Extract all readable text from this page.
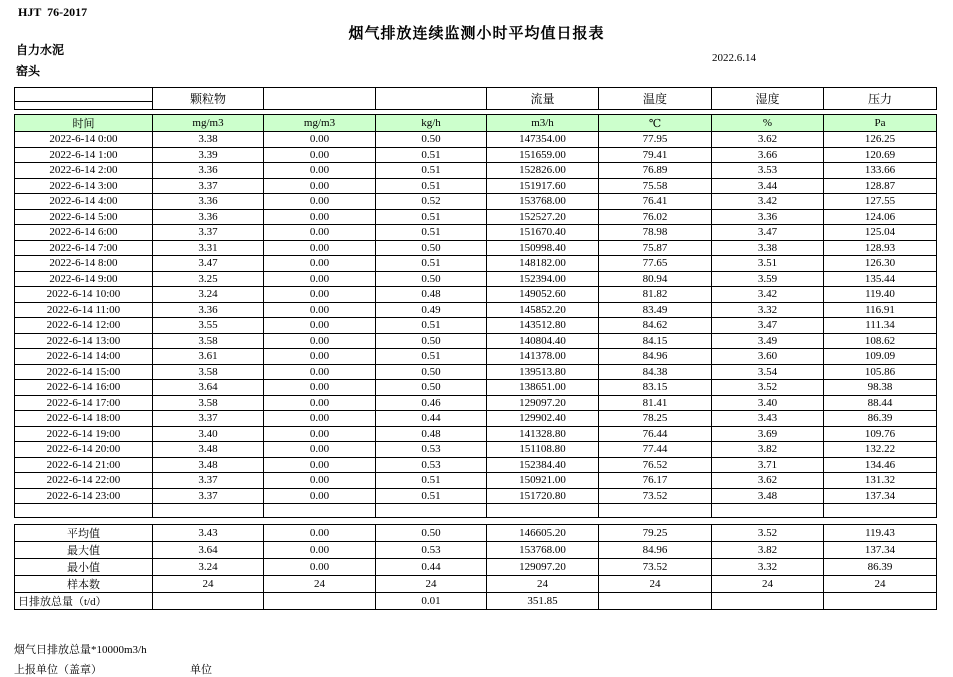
HJT  76-2017
烟气排放连续监测小时平均值日报表
自力水泥
窑头
2022.6.14
	颗粒物			流量	温度	湿度	压力

时间	mg/m3	mg/m3	kg/h	m3/h	℃	%	Pa
2022-6-14 0:00	3.38	0.00	0.50	147354.00	77.95	3.62	126.25
2022-6-14 1:00	3.39	0.00	0.51	151659.00	79.41	3.66	120.69
2022-6-14 2:00	3.36	0.00	0.51	152826.00	76.89	3.53	133.66
2022-6-14 3:00	3.37	0.00	0.51	151917.60	75.58	3.44	128.87
2022-6-14 4:00	3.36	0.00	0.52	153768.00	76.41	3.42	127.55
2022-6-14 5:00	3.36	0.00	0.51	152527.20	76.02	3.36	124.06
2022-6-14 6:00	3.37	0.00	0.51	151670.40	78.98	3.47	125.04
2022-6-14 7:00	3.31	0.00	0.50	150998.40	75.87	3.38	128.93
2022-6-14 8:00	3.47	0.00	0.51	148182.00	77.65	3.51	126.30
2022-6-14 9:00	3.25	0.00	0.50	152394.00	80.94	3.59	135.44
2022-6-14 10:00	3.24	0.00	0.48	149052.60	81.82	3.42	119.40
2022-6-14 11:00	3.36	0.00	0.49	145852.20	83.49	3.32	116.91
2022-6-14 12:00	3.55	0.00	0.51	143512.80	84.62	3.47	111.34
2022-6-14 13:00	3.58	0.00	0.50	140804.40	84.15	3.49	108.62
2022-6-14 14:00	3.61	0.00	0.51	141378.00	84.96	3.60	109.09
2022-6-14 15:00	3.58	0.00	0.50	139513.80	84.38	3.54	105.86
2022-6-14 16:00	3.64	0.00	0.50	138651.00	83.15	3.52	98.38
2022-6-14 17:00	3.58	0.00	0.46	129097.20	81.41	3.40	88.44
2022-6-14 18:00	3.37	0.00	0.44	129902.40	78.25	3.43	86.39
2022-6-14 19:00	3.40	0.00	0.48	141328.80	76.44	3.69	109.76
2022-6-14 20:00	3.48	0.00	0.53	151108.80	77.44	3.82	132.22
2022-6-14 21:00	3.48	0.00	0.53	152384.40	76.52	3.71	134.46
2022-6-14 22:00	3.37	0.00	0.51	150921.00	76.17	3.62	131.32
2022-6-14 23:00	3.37	0.00	0.51	151720.80	73.52	3.48	137.34

平均值	3.43	0.00	0.50	146605.20	79.25	3.52	119.43
最大值	3.64	0.00	0.53	153768.00	84.96	3.82	137.34
最小值	3.24	0.00	0.44	129097.20	73.52	3.32	86.39
样本数	24	24	24	24	24	24	24
日排放总量（t/d）			0.01	351.85			
烟气日排放总量*10000m3/h
上报单位（盖章）	单位
